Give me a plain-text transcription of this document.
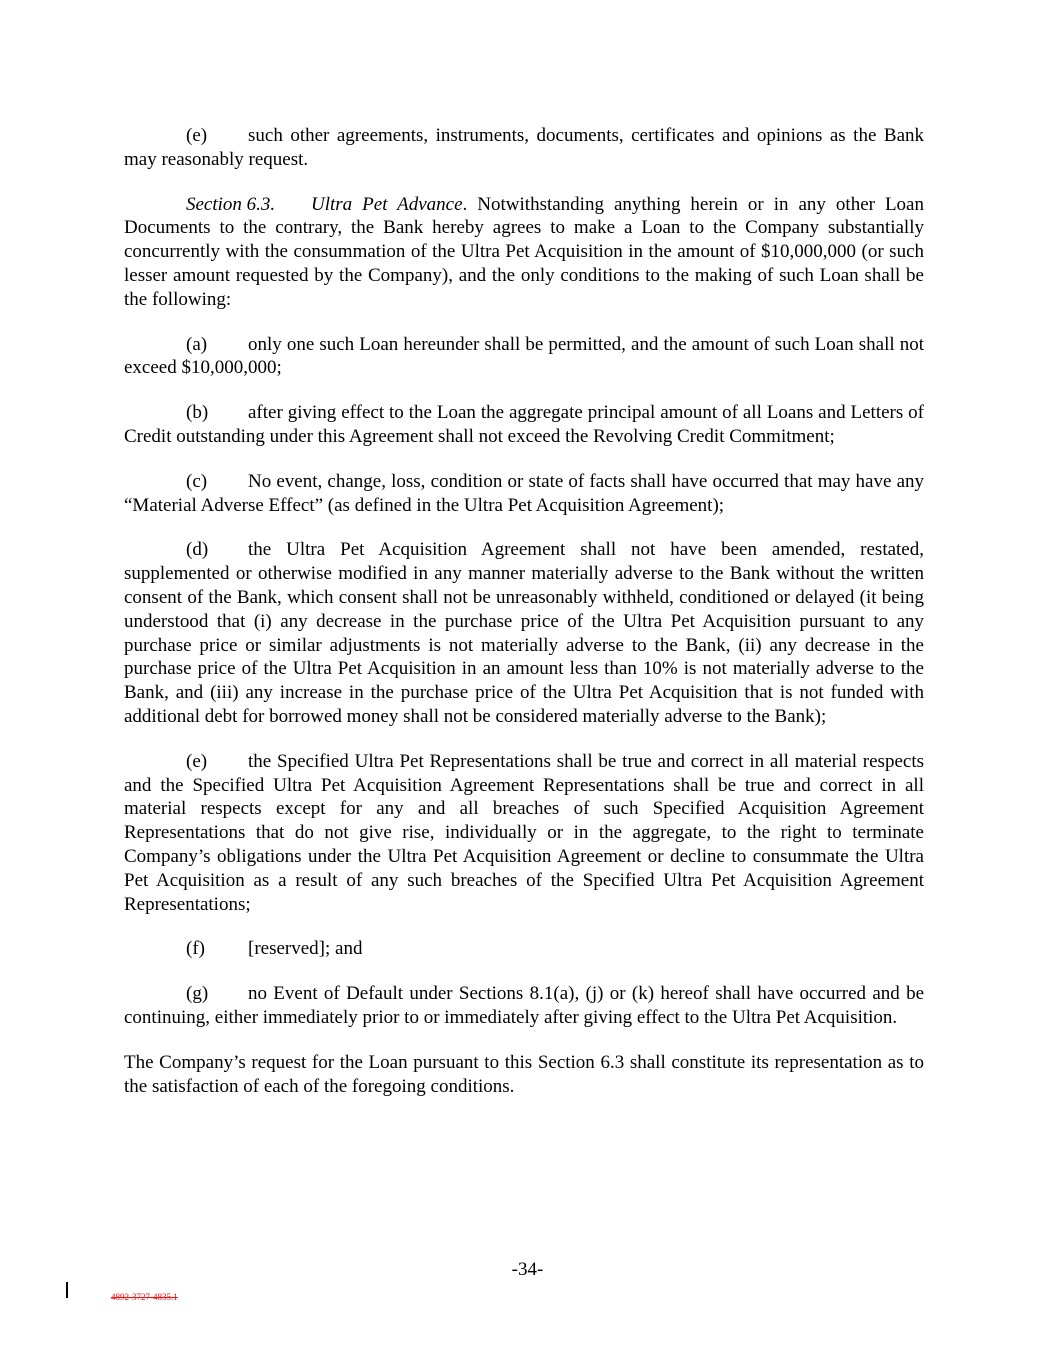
(e) such other agreements, instruments, documents, certificates and opinions as the Bank may reasonably request.

Section 6.3. Ultra Pet Advance. Notwithstanding anything herein or in any other Loan Documents to the contrary, the Bank hereby agrees to make a Loan to the Company substantially concurrently with the consummation of the Ultra Pet Acquisition in the amount of $10,000,000 (or such lesser amount requested by the Company), and the only conditions to the making of such Loan shall be the following:

(a) only one such Loan hereunder shall be permitted, and the amount of such Loan shall not exceed $10,000,000;

(b) after giving effect to the Loan the aggregate principal amount of all Loans and Letters of Credit outstanding under this Agreement shall not exceed the Revolving Credit Commitment;

(c) No event, change, loss, condition or state of facts shall have occurred that may have any “Material Adverse Effect” (as defined in the Ultra Pet Acquisition Agreement);

(d) the Ultra Pet Acquisition Agreement shall not have been amended, restated, supplemented or otherwise modified in any manner materially adverse to the Bank without the written consent of the Bank, which consent shall not be unreasonably withheld, conditioned or delayed (it being understood that (i) any decrease in the purchase price of the Ultra Pet Acquisition pursuant to any purchase price or similar adjustments is not materially adverse to the Bank, (ii) any decrease in the purchase price of the Ultra Pet Acquisition in an amount less than 10% is not materially adverse to the Bank, and (iii) any increase in the purchase price of the Ultra Pet Acquisition that is not funded with additional debt for borrowed money shall not be considered materially adverse to the Bank);

(e) the Specified Ultra Pet Representations shall be true and correct in all material respects and the Specified Ultra Pet Acquisition Agreement Representations shall be true and correct in all material respects except for any and all breaches of such Specified Acquisition Agreement Representations that do not give rise, individually or in the aggregate, to the right to terminate Company’s obligations under the Ultra Pet Acquisition Agreement or decline to consummate the Ultra Pet Acquisition as a result of any such breaches of the Specified Ultra Pet Acquisition Agreement Representations;

(f) [reserved]; and

(g) no Event of Default under Sections 8.1(a), (j) or (k) hereof shall have occurred and be continuing, either immediately prior to or immediately after giving effect to the Ultra Pet Acquisition.

The Company’s request for the Loan pursuant to this Section 6.3 shall constitute its representation as to the satisfaction of each of the foregoing conditions.

-34-
4892-3727-4835.1
